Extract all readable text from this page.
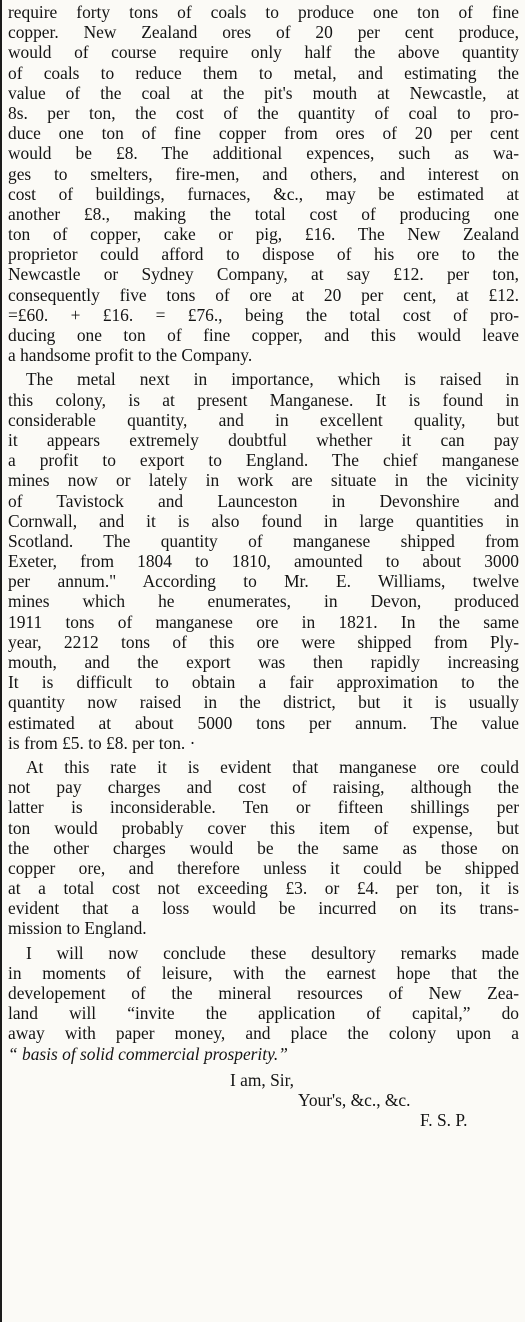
require forty tons of coals to produce one ton of fine
copper. New Zealand ores of 20 per cent produce,
would of course require only half the above quantity
of coals to reduce them to metal, and estimating the
value of the coal at the pit's mouth at Newcastle, at
8s. per ton, the cost of the quantity of coal to pro-
duce one ton of fine copper from ores of 20 per cent
would be £8. The additional expences, such as wa-
ges to smelters, fire-men, and others, and interest on
cost of buildings, furnaces, &c., may be estimated at
another £8., making the total cost of producing one
ton of copper, cake or pig, £16. The New Zealand
proprietor could afford to dispose of his ore to the
Newcastle or Sydney Company, at say £12. per ton,
consequently five tons of ore at 20 per cent, at £12.
=£60. + £16. = £76., being the total cost of pro-
ducing one ton of fine copper, and this would leave
a handsome profit to the Company.
The metal next in importance, which is raised in
this colony, is at present Manganese. It is found in
considerable quantity, and in excellent quality, but
it appears extremely doubtful whether it can pay
a profit to export to England. The chief manganese
mines now or lately in work are situate in the vicinity
of Tavistock and Launceston in Devonshire and
Cornwall, and it is also found in large quantities in
Scotland. The quantity of manganese shipped from
Exeter, from 1804 to 1810, amounted to about 3000
per annum." According to Mr. E. Williams, twelve
mines which he enumerates, in Devon, produced
1911 tons of manganese ore in 1821. In the same
year, 2212 tons of this ore were shipped from Ply-
mouth, and the export was then rapidly increasing
It is difficult to obtain a fair approximation to the
quantity now raised in the district, but it is usually
estimated at about 5000 tons per annum. The value
is from £5. to £8. per ton. ·
At this rate it is evident that manganese ore could
not pay charges and cost of raising, although the
latter is inconsiderable. Ten or fifteen shillings per
ton would probably cover this item of expense, but
the other charges would be the same as those on
copper ore, and therefore unless it could be shipped
at a total cost not exceeding £3. or £4. per ton, it is
evident that a loss would be incurred on its trans-
mission to England.
I will now conclude these desultory remarks made
in moments of leisure, with the earnest hope that the
developement of the mineral resources of New Zea-
land will “invite the application of capital,” do
away with paper money, and place the colony upon a
“ basis of solid commercial prosperity.”
I am, Sir,
Your's, &c., &c.
F. S. P.
